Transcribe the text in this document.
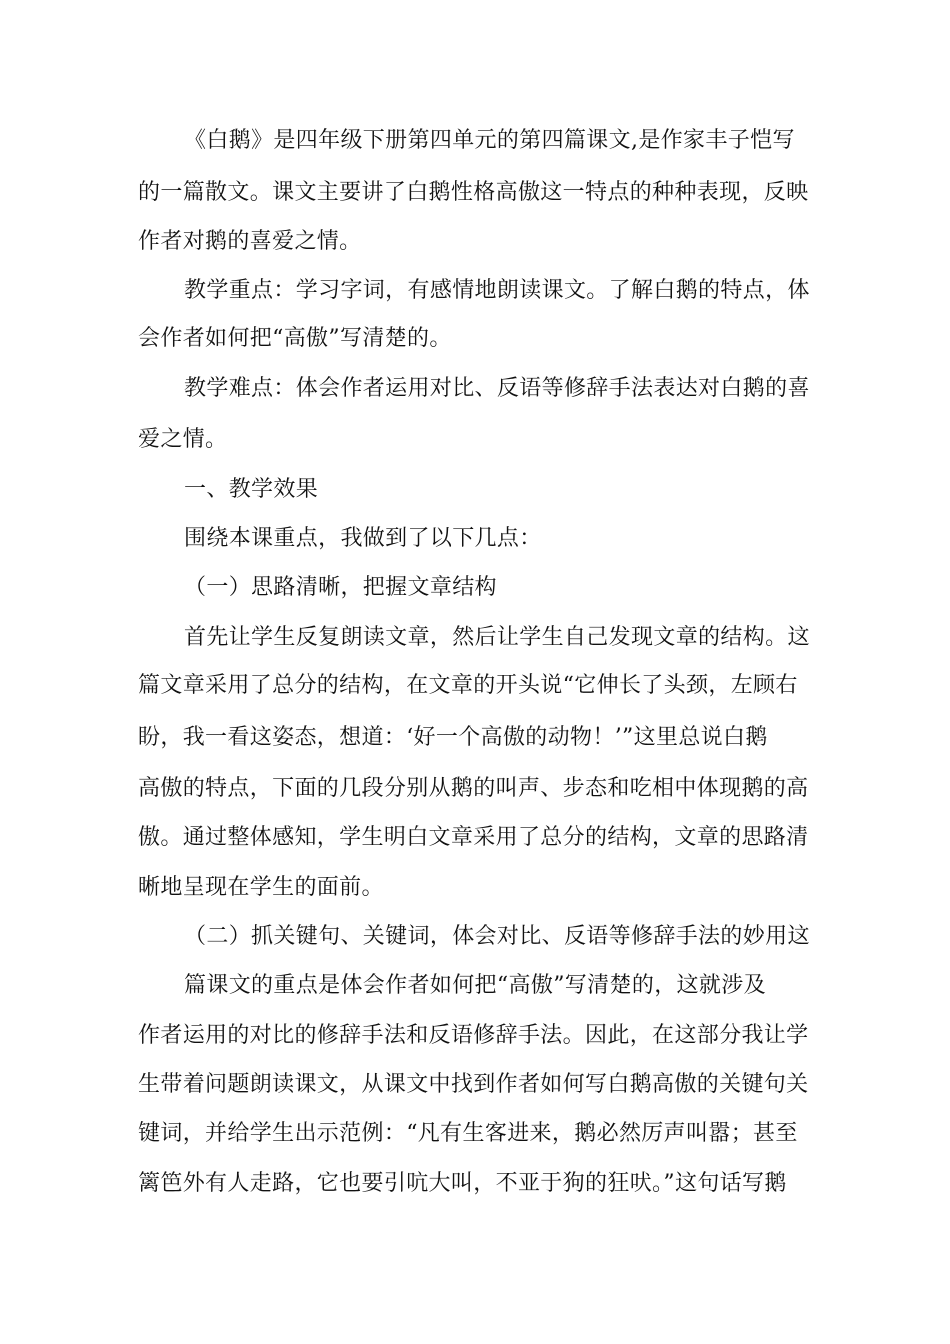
《白鹅》是四年级下册第四单元的第四篇课文,是作家丰子恺写
的一篇散文。课文主要讲了白鹅性格高傲这一特点的种种表现，反映
作者对鹅的喜爱之情。
教学重点：学习字词，有感情地朗读课文。了解白鹅的特点，体
会作者如何把“高傲”写清楚的。
教学难点：体会作者运用对比、反语等修辞手法表达对白鹅的喜
爱之情。
一、教学效果
围绕本课重点，我做到了以下几点：
（一）思路清晰，把握文章结构
首先让学生反复朗读文章，然后让学生自己发现文章的结构。这
篇文章采用了总分的结构，在文章的开头说“它伸长了头颈，左顾右
盼，我一看这姿态，想道：‘好一个高傲的动物！’”这里总说白鹅
高傲的特点，下面的几段分别从鹅的叫声、步态和吃相中体现鹅的高
傲。通过整体感知，学生明白文章采用了总分的结构，文章的思路清
晰地呈现在学生的面前。
（二）抓关键句、关键词，体会对比、反语等修辞手法的妙用这
篇课文的重点是体会作者如何把“高傲”写清楚的，这就涉及
作者运用的对比的修辞手法和反语修辞手法。因此，在这部分我让学
生带着问题朗读课文，从课文中找到作者如何写白鹅高傲的关键句关
键词，并给学生出示范例：“凡有生客进来，鹅必然厉声叫嚣；甚至
篱笆外有人走路，它也要引吭大叫，不亚于狗的狂吠。”这句话写鹅
